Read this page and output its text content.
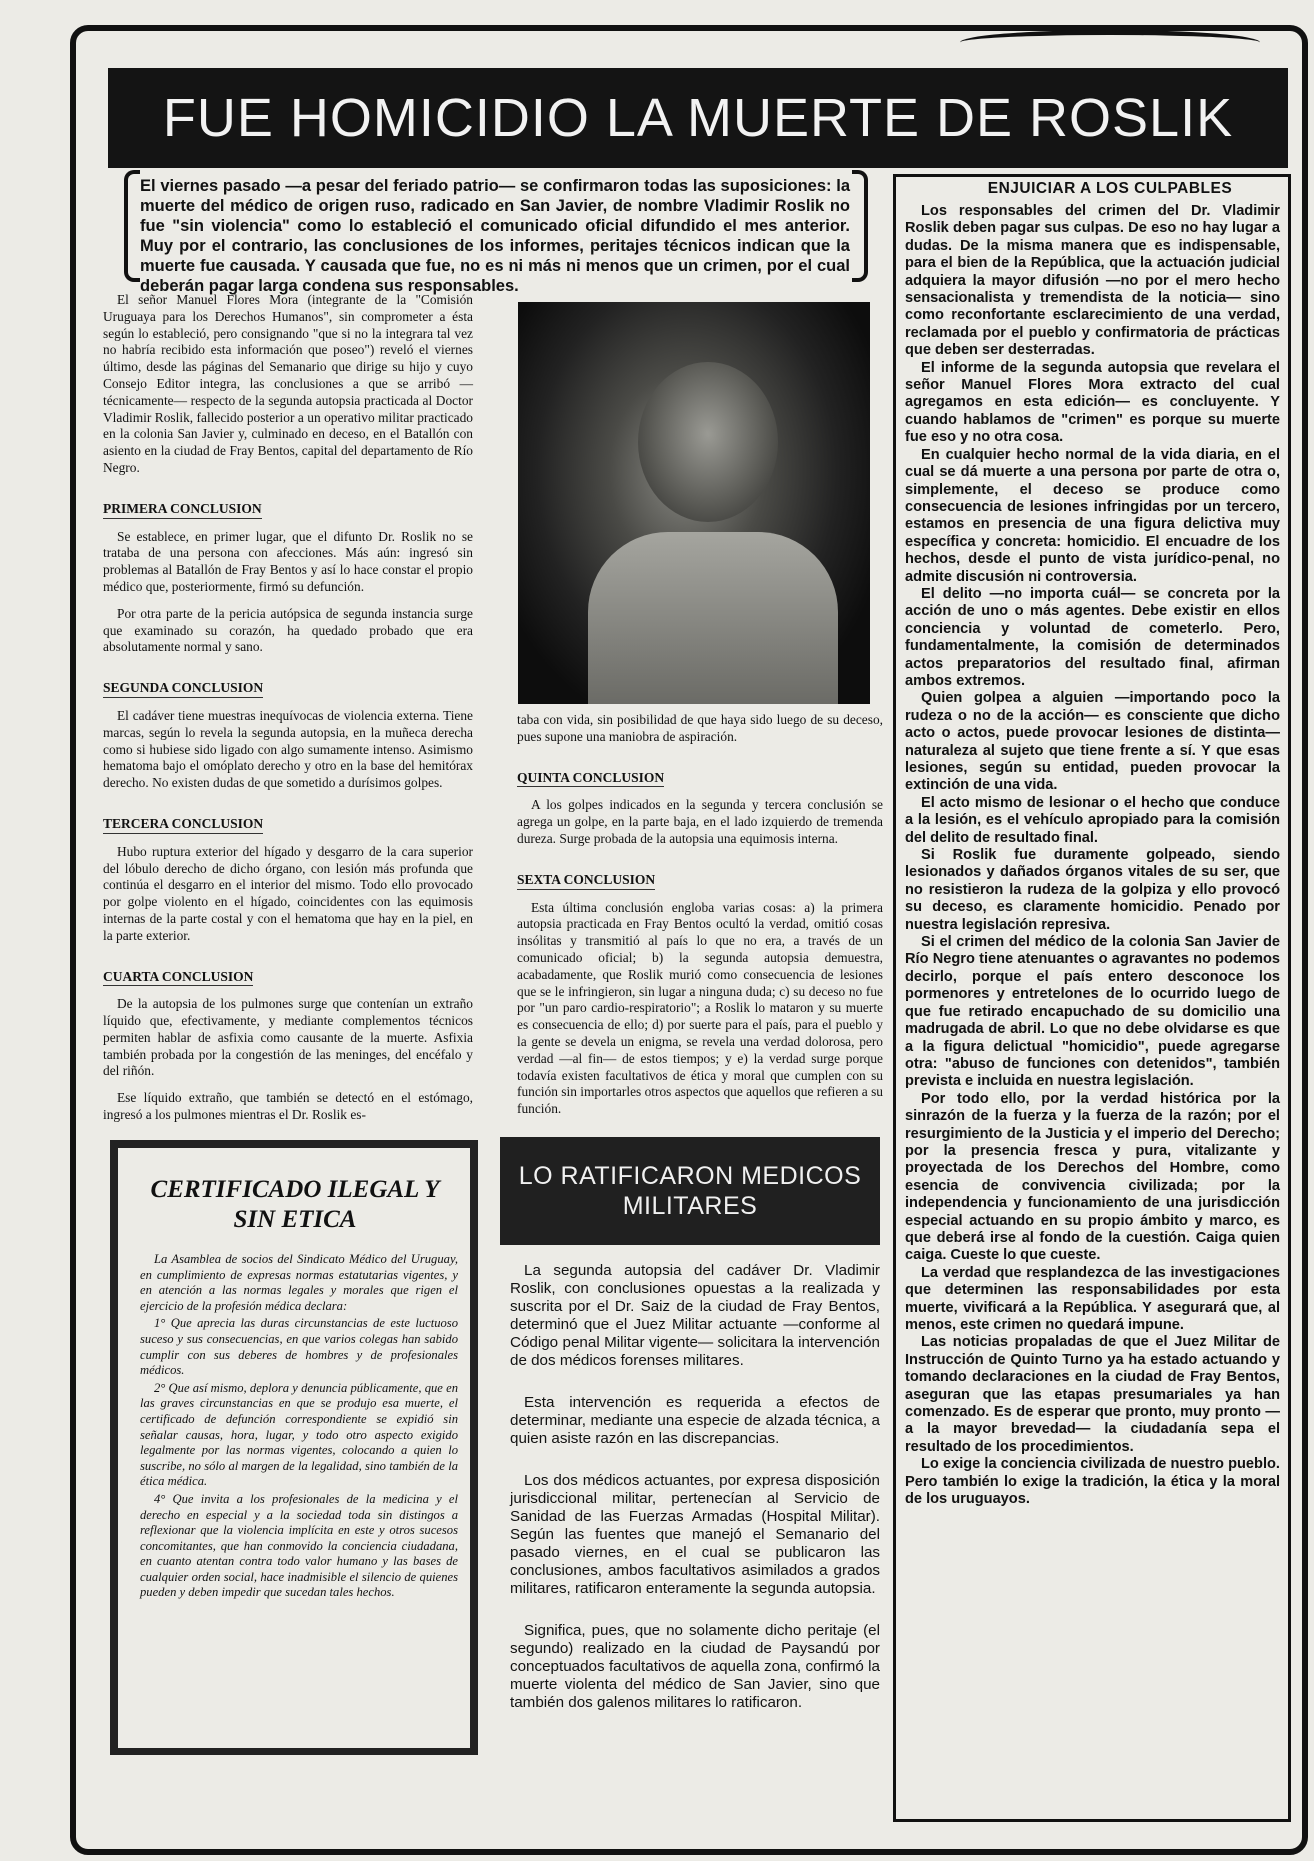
FUE HOMICIDIO LA MUERTE DE ROSLIK
El viernes pasado —a pesar del feriado patrio— se confirmaron todas las suposiciones: la muerte del médico de origen ruso, radicado en San Javier, de nombre Vladimir Roslik no fue "sin violencia" como lo estableció el comunicado oficial difundido el mes anterior. Muy por el contrario, las conclusiones de los informes, peritajes técnicos indican que la muerte fue causada. Y causada que fue, no es ni más ni menos que un crimen, por el cual deberán pagar larga condena sus responsables.

El señor Manuel Flores Mora (integrante de la "Comisión Uruguaya para los Derechos Humanos", sin comprometer a ésta según lo estableció, pero consignando "que si no la integrara tal vez no habría recibido esta información que poseo") reveló el viernes último, desde las páginas del Semanario que dirige su hijo y cuyo Consejo Editor integra, las conclusiones a que se arribó —técnicamente— respecto de la segunda autopsia practicada al Doctor Vladimir Roslik, fallecido posterior a un operativo militar practicado en la colonia San Javier y, culminado en deceso, en el Batallón con asiento en la ciudad de Fray Bentos, capital del departamento de Río Negro.

PRIMERA CONCLUSION

Se establece, en primer lugar, que el difunto Dr. Roslik no se trataba de una persona con afecciones. Más aún: ingresó sin problemas al Batallón de Fray Bentos y así lo hace constar el propio médico que, posteriormente, firmó su defunción.

Por otra parte de la pericia autópsica de segunda instancia surge que examinado su corazón, ha quedado probado que era absolutamente normal y sano.

SEGUNDA CONCLUSION

El cadáver tiene muestras inequívocas de violencia externa. Tiene marcas, según lo revela la segunda autopsia, en la muñeca derecha como si hubiese sido ligado con algo sumamente intenso. Asimismo hematoma bajo el omóplato derecho y otro en la base del hemitórax derecho. No existen dudas de que sometido a durísimos golpes.

TERCERA CONCLUSION

Hubo ruptura exterior del hígado y desgarro de la cara superior del lóbulo derecho de dicho órgano, con lesión más profunda que continúa el desgarro en el interior del mismo. Todo ello provocado por golpe violento en el hígado, coincidentes con las equimosis internas de la parte costal y con el hematoma que hay en la piel, en la parte exterior.

CUARTA CONCLUSION

De la autopsia de los pulmones surge que contenían un extraño líquido que, efectivamente, y mediante complementos técnicos permiten hablar de asfixia como causante de la muerte. Asfixia también probada por la congestión de las meninges, del encéfalo y del riñón.

Ese líquido extraño, que también se detectó en el estómago, ingresó a los pulmones mientras el Dr. Roslik es-

taba con vida, sin posibilidad de que haya sido luego de su deceso, pues supone una maniobra de aspiración.

QUINTA CONCLUSION

A los golpes indicados en la segunda y tercera conclusión se agrega un golpe, en la parte baja, en el lado izquierdo de tremenda dureza. Surge probada de la autopsia una equimosis interna.

SEXTA CONCLUSION

Esta última conclusión engloba varias cosas: a) la primera autopsia practicada en Fray Bentos ocultó la verdad, omitió cosas insólitas y transmitió al país lo que no era, a través de un comunicado oficial; b) la segunda autopsia demuestra, acabadamente, que Roslik murió como consecuencia de lesiones que se le infringieron, sin lugar a ninguna duda; c) su deceso no fue por "un paro cardio-respiratorio"; a Roslik lo mataron y su muerte es consecuencia de ello; d) por suerte para el país, para el pueblo y la gente se devela un enigma, se revela una verdad dolorosa, pero verdad —al fin— de estos tiempos; y e) la verdad surge porque todavía existen facultativos de ética y moral que cumplen con su función sin importarles otros aspectos que aquellos que refieren a su función.

CERTIFICADO ILEGAL Y SIN ETICA

La Asamblea de socios del Sindicato Médico del Uruguay, en cumplimiento de expresas normas estatutarias vigentes, y en atención a las normas legales y morales que rigen el ejercicio de la profesión médica declara:

1° Que aprecia las duras circunstancias de este luctuoso suceso y sus consecuencias, en que varios colegas han sabido cumplir con sus deberes de hombres y de profesionales médicos.

2° Que así mismo, deplora y denuncia públicamente, que en las graves circunstancias en que se produjo esa muerte, el certificado de defunción correspondiente se expidió sin señalar causas, hora, lugar, y todo otro aspecto exigido legalmente por las normas vigentes, colocando a quien lo suscribe, no sólo al margen de la legalidad, sino también de la ética médica.

4° Que invita a los profesionales de la medicina y el derecho en especial y a la sociedad toda sin distingos a reflexionar que la violencia implícita en este y otros sucesos concomitantes, que han conmovido la conciencia ciudadana, en cuanto atentan contra todo valor humano y las bases de cualquier orden social, hace inadmisible el silencio de quienes pueden y deben impedir que sucedan tales hechos.

LO RATIFICARON MEDICOS
MILITARES

La segunda autopsia del cadáver Dr. Vladimir Roslik, con conclusiones opuestas a la realizada y suscrita por el Dr. Saiz de la ciudad de Fray Bentos, determinó que el Juez Militar actuante —conforme al Código penal Militar vigente— solicitara la intervención de dos médicos forenses militares.

Esta intervención es requerida a efectos de determinar, mediante una especie de alzada técnica, a quien asiste razón en las discrepancias.

Los dos médicos actuantes, por expresa disposición jurisdiccional militar, pertenecían al Servicio de Sanidad de las Fuerzas Armadas (Hospital Militar). Según las fuentes que manejó el Semanario del pasado viernes, en el cual se publicaron las conclusiones, ambos facultativos asimilados a grados militares, ratificaron enteramente la segunda autopsia.

Significa, pues, que no solamente dicho peritaje (el segundo) realizado en la ciudad de Paysandú por conceptuados facultativos de aquella zona, confirmó la muerte violenta del médico de San Javier, sino que también dos galenos militares lo ratificaron.

ENJUICIAR A LOS CULPABLES

Los responsables del crimen del Dr. Vladimir Roslik deben pagar sus culpas. De eso no hay lugar a dudas. De la misma manera que es indispensable, para el bien de la República, que la actuación judicial adquiera la mayor difusión —no por el mero hecho sensacionalista y tremendista de la noticia— sino como reconfortante esclarecimiento de una verdad, reclamada por el pueblo y confirmatoria de prácticas que deben ser desterradas.

El informe de la segunda autopsia que revelara el señor Manuel Flores Mora extracto del cual agregamos en esta edición— es concluyente. Y cuando hablamos de "crimen" es porque su muerte fue eso y no otra cosa.

En cualquier hecho normal de la vida diaria, en el cual se dá muerte a una persona por parte de otra o, simplemente, el deceso se produce como consecuencia de lesiones infringidas por un tercero, estamos en presencia de una figura delictiva muy específica y concreta: homicidio. El encuadre de los hechos, desde el punto de vista jurídico-penal, no admite discusión ni controversia.

El delito —no importa cuál— se concreta por la acción de uno o más agentes. Debe existir en ellos conciencia y voluntad de cometerlo. Pero, fundamentalmente, la comisión de determinados actos preparatorios del resultado final, afirman ambos extremos.

Quien golpea a alguien —importando poco la rudeza o no de la acción— es consciente que dicho acto o actos, puede provocar lesiones de distinta— naturaleza al sujeto que tiene frente a sí. Y que esas lesiones, según su entidad, pueden provocar la extinción de una vida.

El acto mismo de lesionar o el hecho que conduce a la lesión, es el vehículo apropiado para la comisión del delito de resultado final.

Si Roslik fue duramente golpeado, siendo lesionados y dañados órganos vitales de su ser, que no resistieron la rudeza de la golpiza y ello provocó su deceso, es claramente homicidio. Penado por nuestra legislación represiva.

Si el crimen del médico de la colonia San Javier de Río Negro tiene atenuantes o agravantes no podemos decirlo, porque el país entero desconoce los pormenores y entretelones de lo ocurrido luego de que fue retirado encapuchado de su domicilio una madrugada de abril. Lo que no debe olvidarse es que a la figura delictual "homicidio", puede agregarse otra: "abuso de funciones con detenidos", también prevista e incluida en nuestra legislación.

Por todo ello, por la verdad histórica por la sinrazón de la fuerza y la fuerza de la razón; por el resurgimiento de la Justicia y el imperio del Derecho; por la presencia fresca y pura, vitalizante y proyectada de los Derechos del Hombre, como esencia de convivencia civilizada; por la independencia y funcionamiento de una jurisdicción especial actuando en su propio ámbito y marco, es que deberá irse al fondo de la cuestión. Caiga quien caiga. Cueste lo que cueste.

La verdad que resplandezca de las investigaciones que determinen las responsabilidades por esta muerte, vivificará a la República. Y asegurará que, al menos, este crimen no quedará impune.

Las noticias propaladas de que el Juez Militar de Instrucción de Quinto Turno ya ha estado actuando y tomando declaraciones en la ciudad de Fray Bentos, aseguran que las etapas presumariales ya han comenzado. Es de esperar que pronto, muy pronto —a la mayor brevedad— la ciudadanía sepa el resultado de los procedimientos.

Lo exige la conciencia civilizada de nuestro pueblo. Pero también lo exige la tradición, la ética y la moral de los uruguayos.
